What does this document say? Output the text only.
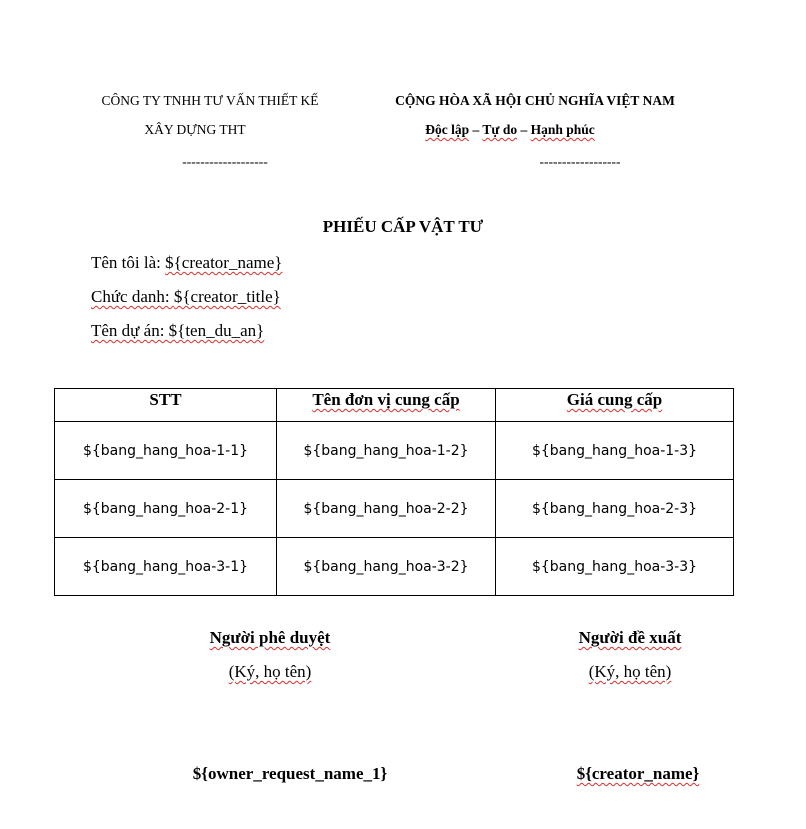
CÔNG TY TNHH TƯ VẤN THIẾT KẾ
XÂY DỰNG THT
-------------------
CỘNG HÒA XÃ HỘI CHỦ NGHĨA VIỆT NAM
Độc lập – Tự do – Hạnh phúc
------------------
PHIẾU CẤP VẬT TƯ
Tên tôi là: ${creator_name}
Chức danh: ${creator_title}
Tên dự án: ${ten_du_an}
STT	Tên đơn vị cung cấp	Giá cung cấp
${bang_hang_hoa-1-1}	${bang_hang_hoa-1-2}	${bang_hang_hoa-1-3}
${bang_hang_hoa-2-1}	${bang_hang_hoa-2-2}	${bang_hang_hoa-2-3}
${bang_hang_hoa-3-1}	${bang_hang_hoa-3-2}	${bang_hang_hoa-3-3}
Người phê duyệt
(Ký, họ tên)
${owner_request_name_1}
Người đề xuất
(Ký, họ tên)
${creator_name}
